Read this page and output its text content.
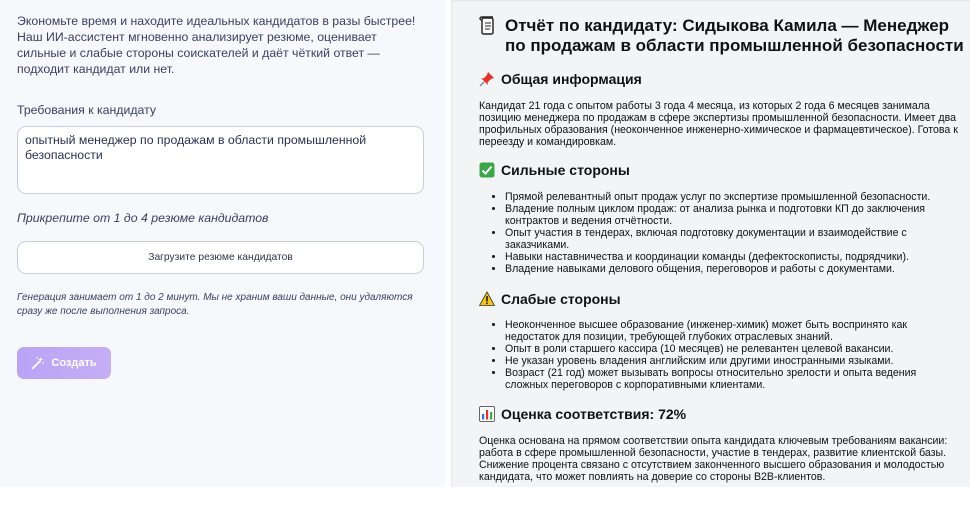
Экономьте время и находите идеальных кандидатов в разы быстрее! Наш ИИ-ассистент мгновенно анализирует резюме, оценивает сильные и слабые стороны соискателей и даёт чёткий ответ — подходит кандидат или нет.

Требования к кандидату
опытный менеджер по продажам в области промышленной безопасности
Прикрепите от 1 до 4 резюме кандидатов
Загрузите резюме кандидатов

Генерация занимает от 1 до 2 минут. Мы не храним ваши данные, они удаляются сразу же после выполнения запроса.

Создать
Отчёт по кандидату: Сидыкова Камила — Менеджер по продажам в области промышленной безопасности
Общая информация

Кандидат 21 года с опытом работы 3 года 4 месяца, из которых 2 года 6 месяцев занимала позицию менеджера по продажам в сфере экспертизы промышленной безопасности. Имеет два профильных образования (неоконченное инженерно-химическое и фармацевтическое). Готова к переезду и командировкам.

Сильные стороны
• Прямой релевантный опыт продаж услуг по экспертизе промышленной безопасности.
• Владение полным циклом продаж: от анализа рынка и подготовки КП до заключения контрактов и ведения отчётности.
• Опыт участия в тендерах, включая подготовку документации и взаимодействие с заказчиками.
• Навыки наставничества и координации команды (дефектоскописты, подрядчики).
• Владение навыками делового общения, переговоров и работы с документами.
Слабые стороны
• Неоконченное высшее образование (инженер-химик) может быть воспринято как недостаток для позиции, требующей глубоких отраслевых знаний.
• Опыт в роли старшего кассира (10 месяцев) не релевантен целевой вакансии.
• Не указан уровень владения английским или другими иностранными языками.
• Возраст (21 год) может вызывать вопросы относительно зрелости и опыта ведения сложных переговоров с корпоративными клиентами.
Оценка соответствия: 72%

Оценка основана на прямом соответствии опыта кандидата ключевым требованиям вакансии: работа в сфере промышленной безопасности, участие в тендерах, развитие клиентской базы. Снижение процента связано с отсутствием законченного высшего образования и молодостью кандидата, что может повлиять на доверие со стороны B2B-клиентов.
